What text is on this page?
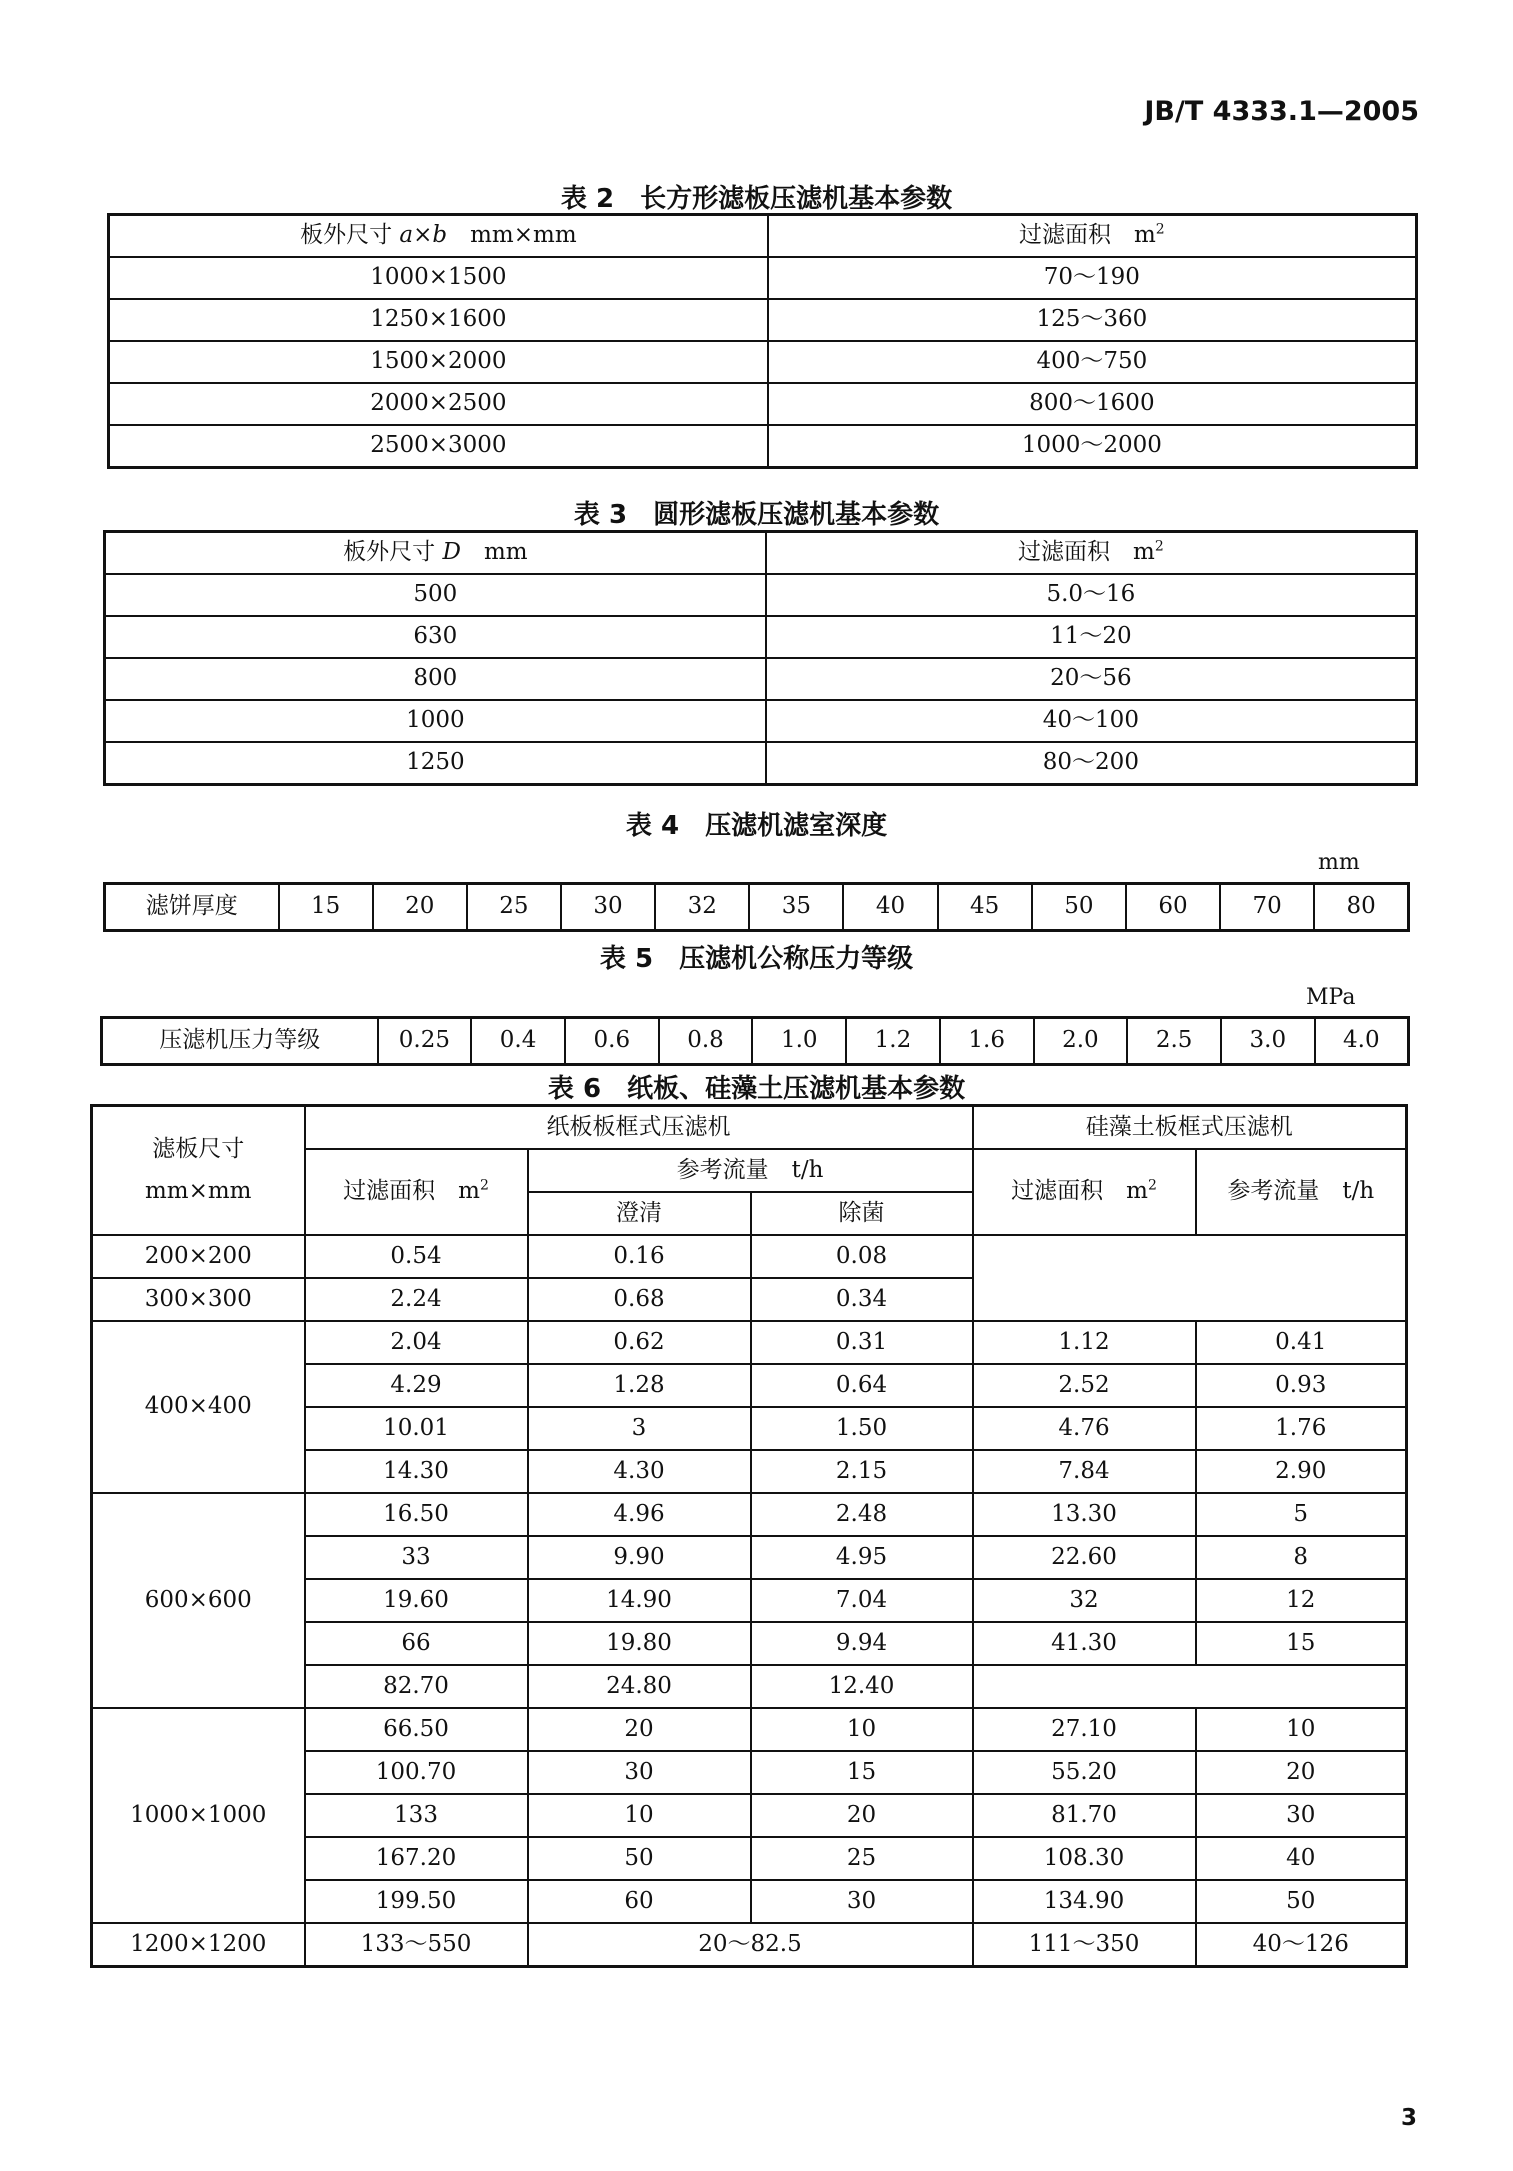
JB/T 4333.1—2005
表 2　长方形滤板压滤机基本参数
板外尺寸 a×b　mm×mm	过滤面积　$m^2$
1000×1500	70～190
1250×1600	125～360
1500×2000	400～750
2000×2500	800～1600
2500×3000	1000～2000
表 3　圆形滤板压滤机基本参数
板外尺寸 D　mm	过滤面积　$m^2$
500	5.0～16
630	11～20
800	20～56
1000	40～100
1250	80～200
表 4　压滤机滤室深度
mm
滤饼厚度	15	20	25	30	32	35	40	45	50	60	70	80
表 5　压滤机公称压力等级
MPa
压滤机压力等级	0.25	0.4	0.6	0.8	1.0	1.2	1.6	2.0	2.5	3.0	4.0
表 6　纸板、硅藻土压滤机基本参数
滤板尺寸
mm×mm	纸板板框式压滤机			硅藻土板框式压滤机	
	过滤面积　$m^2$	参考流量　t/h		过滤面积　$m^2$	参考流量　t/h
		澄清	除菌		
200×200	0.54	0.16	0.08		
300×300	2.24	0.68	0.34		
400×400	2.04	0.62	0.31	1.12	0.41
	4.29	1.28	0.64	2.52	0.93
	10.01	3	1.50	4.76	1.76
	14.30	4.30	2.15	7.84	2.90
600×600	16.50	4.96	2.48	13.30	5
	33	9.90	4.95	22.60	8
	19.60	14.90	7.04	32	12
	66	19.80	9.94	41.30	15
	82.70	24.80	12.40		
1000×1000	66.50	20	10	27.10	10
	100.70	30	15	55.20	20
	133	10	20	81.70	30
	167.20	50	25	108.30	40
	199.50	60	30	134.90	50
1200×1200	133～550	20～82.5		111～350	40～126
3
